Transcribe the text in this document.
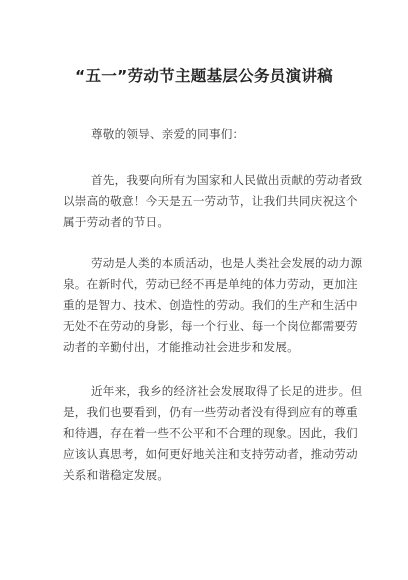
“五一”劳动节主题基层公务员演讲稿
尊敬的领导、亲爱的同事们：
首先，我要向所有为国家和人民做出贡献的劳动者致
以崇高的敬意！今天是五一劳动节，让我们共同庆祝这个
属于劳动者的节日。
劳动是人类的本质活动，也是人类社会发展的动力源
泉。在新时代，劳动已经不再是单纯的体力劳动，更加注
重的是智力、技术、创造性的劳动。我们的生产和生活中
无处不在劳动的身影，每一个行业、每一个岗位都需要劳
动者的辛勤付出，才能推动社会进步和发展。
近年来，我乡的经济社会发展取得了长足的进步。但
是，我们也要看到，仍有一些劳动者没有得到应有的尊重
和待遇，存在着一些不公平和不合理的现象。因此，我们
应该认真思考，如何更好地关注和支持劳动者，推动劳动
关系和谐稳定发展。
